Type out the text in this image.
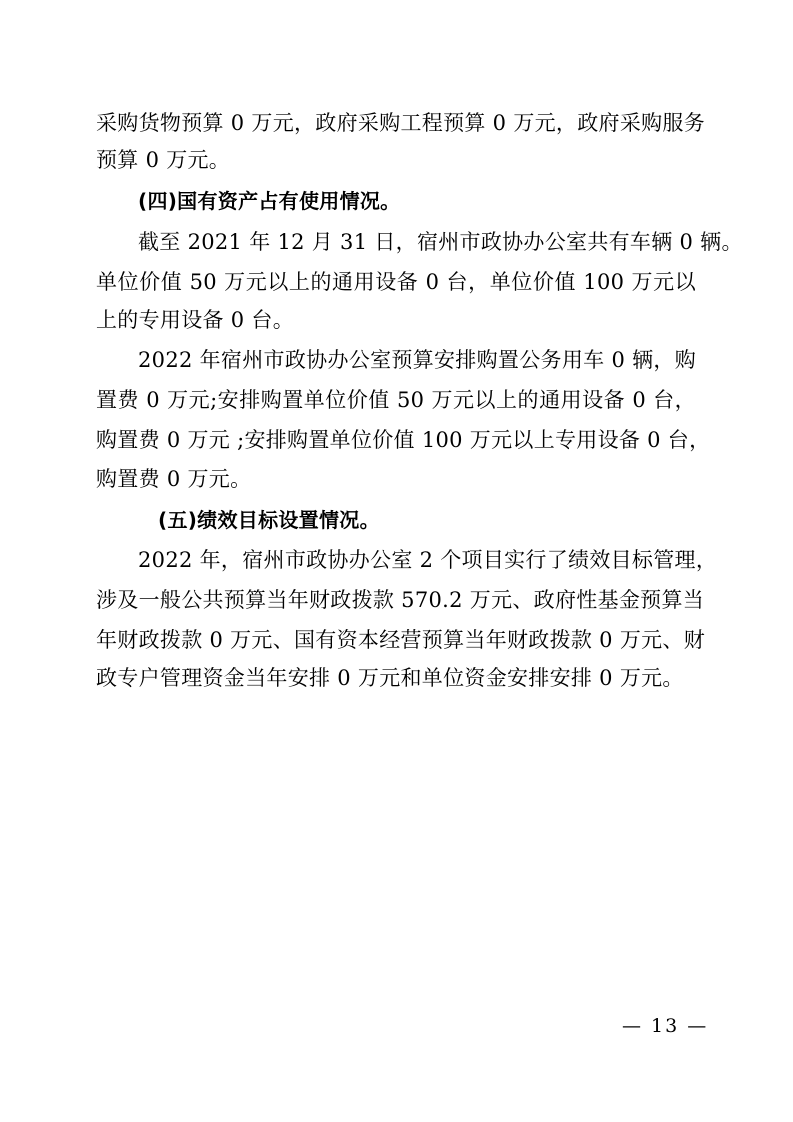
采购货物预算 0 万元，政府采购工程预算 0 万元，政府采购服务
预算 0 万元。
(四)国有资产占有使用情况。
截至 2021 年 12 月 31 日，宿州市政协办公室共有车辆 0 辆。
单位价值 50 万元以上的通用设备 0 台，单位价值 100 万元以
上的专用设备 0 台。
2022 年宿州市政协办公室预算安排购置公务用车 0 辆，购
置费 0 万元;安排购置单位价值 50 万元以上的通用设备 0 台，
购置费 0 万元 ;安排购置单位价值 100 万元以上专用设备 0 台，
购置费 0 万元。
(五)绩效目标设置情况。
2022 年，宿州市政协办公室 2 个项目实行了绩效目标管理，
涉及一般公共预算当年财政拨款 570.2 万元、政府性基金预算当
年财政拨款 0 万元、国有资本经营预算当年财政拨款 0 万元、财
政专户管理资金当年安排 0 万元和单位资金安排安排 0 万元。
— 13 —
